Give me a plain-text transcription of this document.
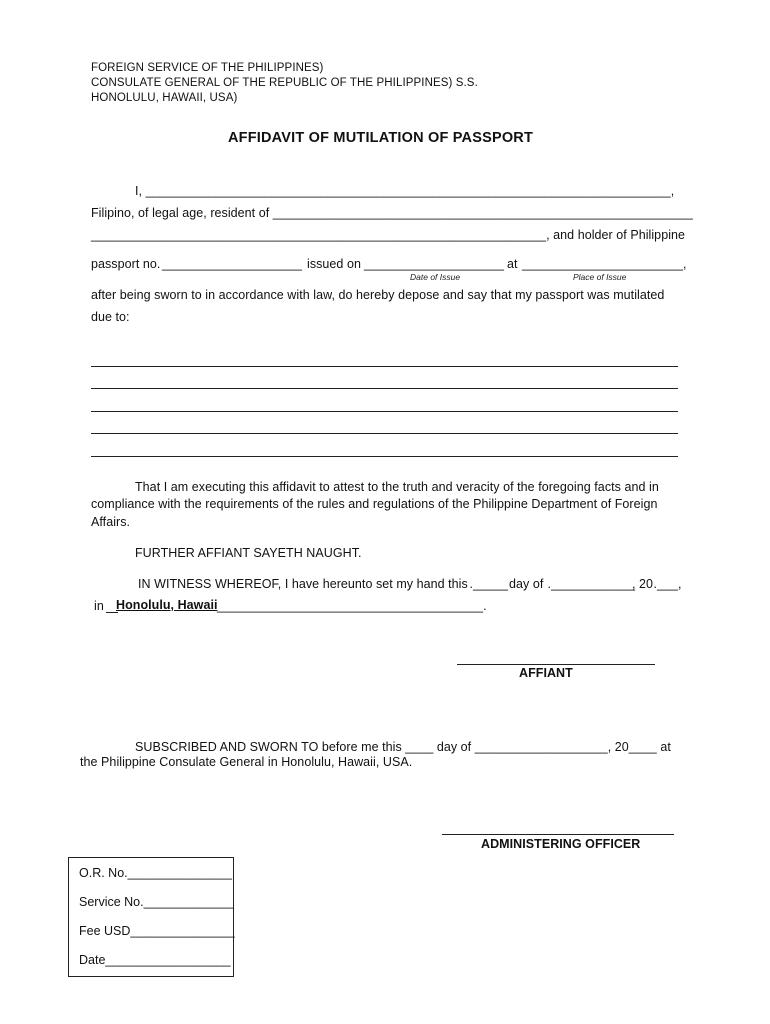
FOREIGN SERVICE OF THE PHILIPPINES)
CONSULATE GENERAL OF THE REPUBLIC OF THE PHILIPPINES) S.S.
HONOLULU, HAWAII, USA)
AFFIDAVIT OF MUTILATION OF PASSPORT
I, ___________________________________________________________________________,
Filipino, of legal age, resident of ____________________________________________________________
_________________________________________________________________, and holder of Philippine
passport no. ____________________ issued on ____________________ at _______________________,
Date of Issue	Place of Issue
after being sworn to in accordance with law, do hereby depose and say that my passport was mutilated
due to:
That I am executing this affidavit to attest to the truth and veracity of the foregoing facts and in
compliance with the requirements of the rules and regulations of the Philippine Department of Foreign
Affairs.
FURTHER AFFIANT SAYETH NAUGHT.
IN WITNESS WHEREOF, I have hereunto set my hand this
._____ day of .____________
, 20
.___,
in Honolulu, Hawaii ______________________________________.
AFFIANT
SUBSCRIBED AND SWORN TO before me this ____ day of ___________________, 20____ at
the Philippine Consulate General in Honolulu, Hawaii, USA.
ADMINISTERING OFFICER
O.R. No._______________
Service No._____________
Fee USD_______________
Date__________________
